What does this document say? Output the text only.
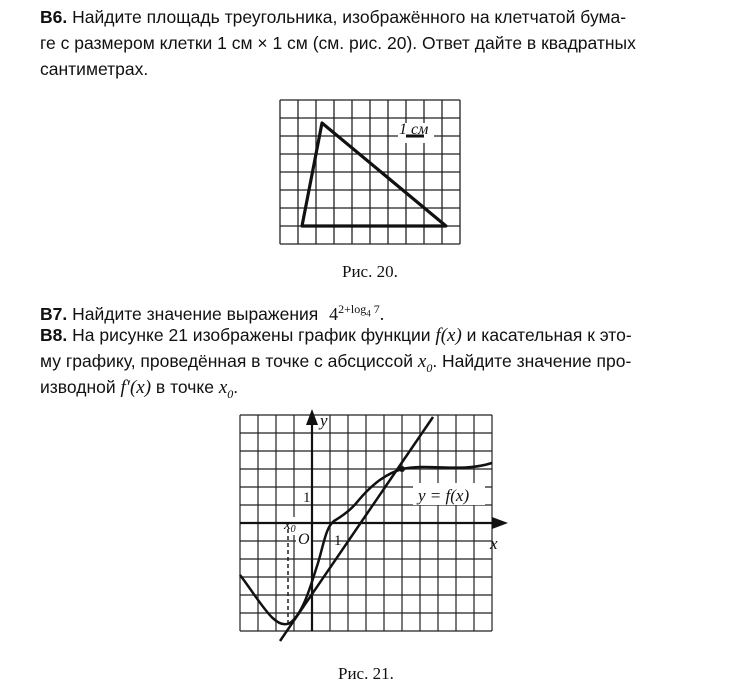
B6. Найдите площадь треугольника, изображённого на клетчатой бума-

ге с размером клетки 1 см × 1 см (см. рис. 20). Ответ дайте в квадратных

сантиметрах.

1 см
Рис. 20.

B7. Найдите значение выражения $4^{2+log_4 7}$.

B8. На рисунке 21 изображены график функции f(x) и касательная к это-

му графику, проведённая в точке с абсциссой $x_0$. Найдите значение про-

изводной f′(x) в точке $x_0$.

y
x
O 1
1
$x_0$
y = f(x)
Рис. 21.
